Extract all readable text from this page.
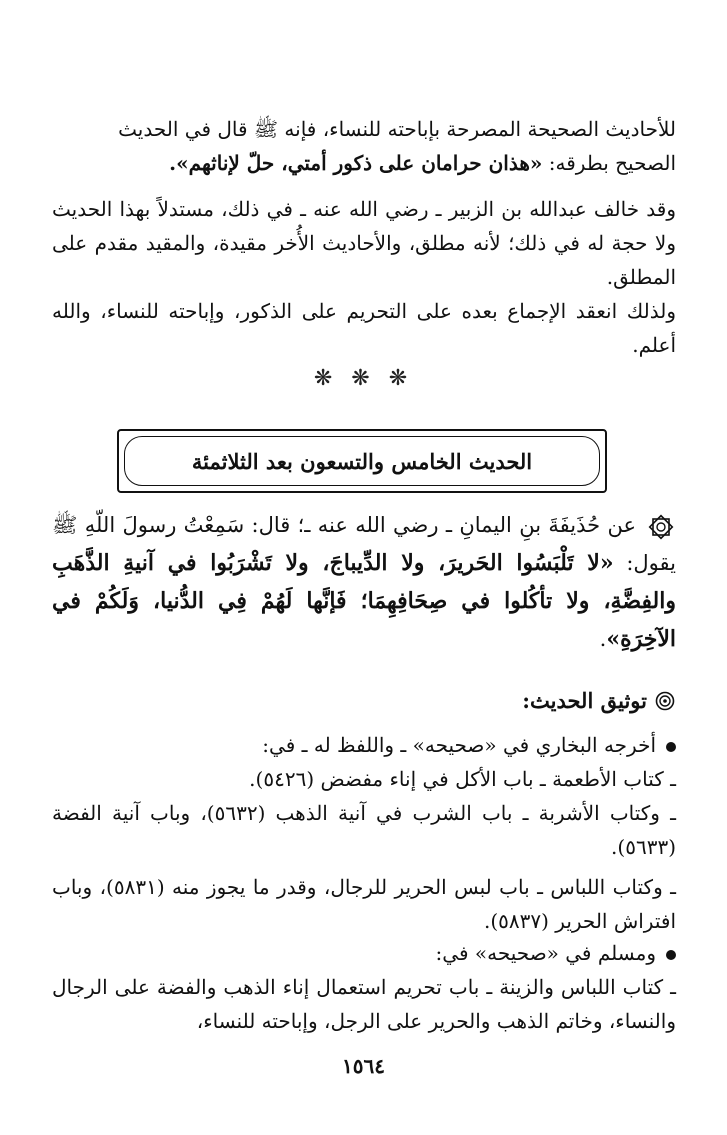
للأحاديث الصحيحة المصرحة بإباحته للنساء، فإنه ﷺ قال في الحديث
الصحيح بطرقه: «هذان حرامان على ذكور أمتي، حلّ لإناثهم».

وقد خالف عبدالله بن الزبير ـ رضي الله عنه ـ في ذلك، مستدلاً بهذا الحديث ولا حجة له في ذلك؛ لأنه مطلق، والأحاديث الأُخر مقيدة، والمقيد مقدم على المطلق.

ولذلك انعقد الإجماع بعده على التحريم على الذكور، وإباحته للنساء، والله أعلم.

❋ ❋ ❋
الحديث الخامس والتسعون بعد الثلاثمئة
عن حُذَيفَةَ بنِ اليمانِ ـ رضي الله عنه ـ؛ قال: سَمِعْتُ رسولَ اللّهِ ﷺ يقول: «لا تَلْبَسُوا الحَريرَ، ولا الدِّيباجَ، ولا تَشْرَبُوا في آنيةِ الذَّهَبِ والفِضَّةِ، ولا تأكُلوا في صِحَافِهِمَا؛ فَإنَّها لَهُمْ فِي الدُّنيا، وَلَكُمْ في الآخِرَةِ».
توثيق الحديث:

أخرجه البخاري في «صحيحه» ـ واللفظ له ـ في:

ـ كتاب الأطعمة ـ باب الأكل في إناء مفضض (٥٤٢٦).

ـ وكتاب الأشربة ـ باب الشرب في آنية الذهب (٥٦٣٢)، وباب آنية الفضة (٥٦٣٣).

ـ وكتاب اللباس ـ باب لبس الحرير للرجال، وقدر ما يجوز منه (٥٨٣١)، وباب افتراش الحرير (٥٨٣٧).

ومسلم في «صحيحه» في:

ـ كتاب اللباس والزينة ـ باب تحريم استعمال إناء الذهب والفضة على الرجال والنساء، وخاتم الذهب والحرير على الرجل، وإباحته للنساء،

١٥٦٤
